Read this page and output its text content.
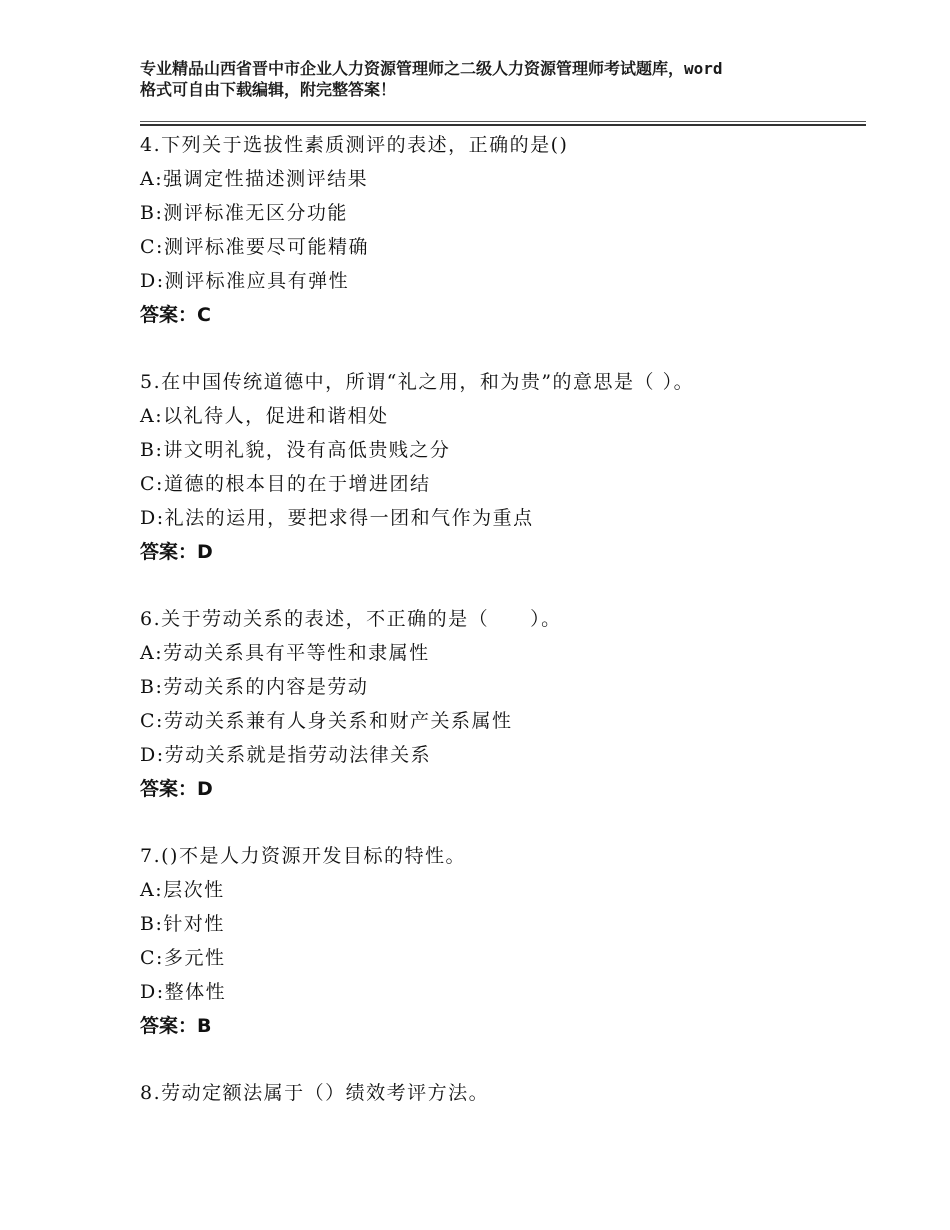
专业精品山西省晋中市企业人力资源管理师之二级人力资源管理师考试题库，word
格式可自由下载编辑，附完整答案！
4.下列关于选拔性素质测评的表述，正确的是()
A:强调定性描述测评结果
B:测评标准无区分功能
C:测评标准要尽可能精确
D:测评标准应具有弹性
答案：C
5.在中国传统道德中，所谓“礼之用，和为贵”的意思是（ ）。
A:以礼待人，促进和谐相处
B:讲文明礼貌，没有高低贵贱之分
C:道德的根本目的在于增进团结
D:礼法的运用，要把求得一团和气作为重点
答案：D
6.关于劳动关系的表述，不正确的是（　　）。
A:劳动关系具有平等性和隶属性
B:劳动关系的内容是劳动
C:劳动关系兼有人身关系和财产关系属性
D:劳动关系就是指劳动法律关系
答案：D
7.()不是人力资源开发目标的特性。
A:层次性
B:针对性
C:多元性
D:整体性
答案：B
8.劳动定额法属于（）绩效考评方法。
